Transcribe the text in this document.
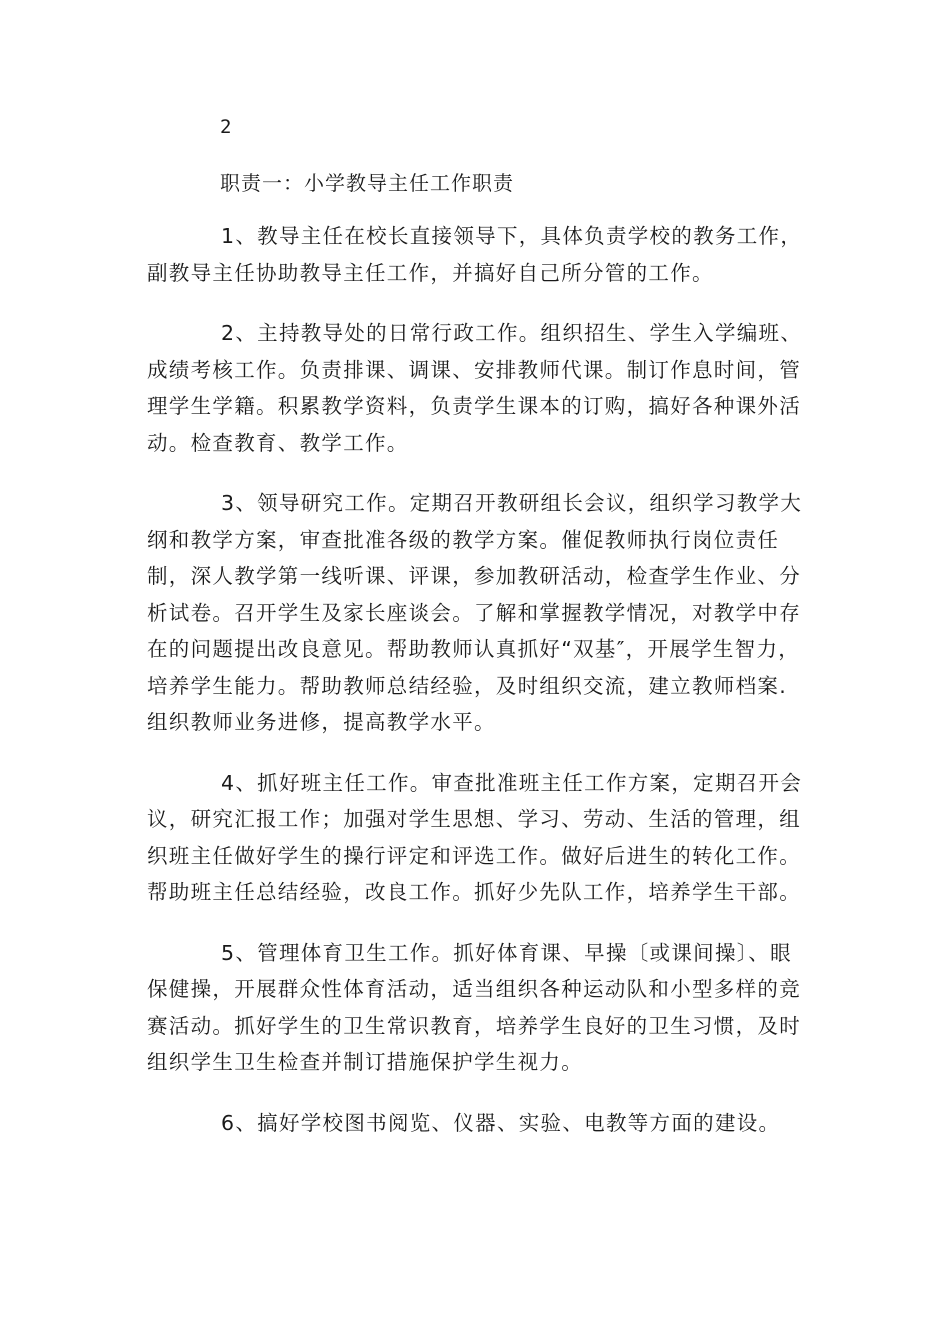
2

职责一：小学教导主任工作职责

1、教导主任在校长直接领导下，具体负责学校的教务工作，副教导主任协助教导主任工作，并搞好自己所分管的工作。

2、主持教导处的日常行政工作。组织招生、学生入学编班、成绩考核工作。负责排课、调课、安排教师代课。制订作息时间，管理学生学籍。积累教学资料，负责学生课本的订购，搞好各种课外活动。检查教育、教学工作。

3、领导研究工作。定期召开教研组长会议，组织学习教学大纲和教学方案，审查批准各级的教学方案。催促教师执行岗位责任制，深人教学第一线听课、评课，参加教研活动，检查学生作业、分析试卷。召开学生及家长座谈会。了解和掌握教学情况，对教学中存在的问题提出改良意见。帮助教师认真抓好“双基″，开展学生智力，培养学生能力。帮助教师总结经验，及时组织交流，建立教师档案.组织教师业务进修，提高教学水平。

4、抓好班主任工作。审查批准班主任工作方案，定期召开会议，研究汇报工作；加强对学生思想、学习、劳动、生活的管理，组织班主任做好学生的操行评定和评选工作。做好后进生的转化工作。帮助班主任总结经验，改良工作。抓好少先队工作，培养学生干部。

5、管理体育卫生工作。抓好体育课、早操〔或课间操〕、眼保健操，开展群众性体育活动，适当组织各种运动队和小型多样的竞赛活动。抓好学生的卫生常识教育，培养学生良好的卫生习惯，及时组织学生卫生检查并制订措施保护学生视力。

6、搞好学校图书阅览、仪器、实验、电教等方面的建设。
